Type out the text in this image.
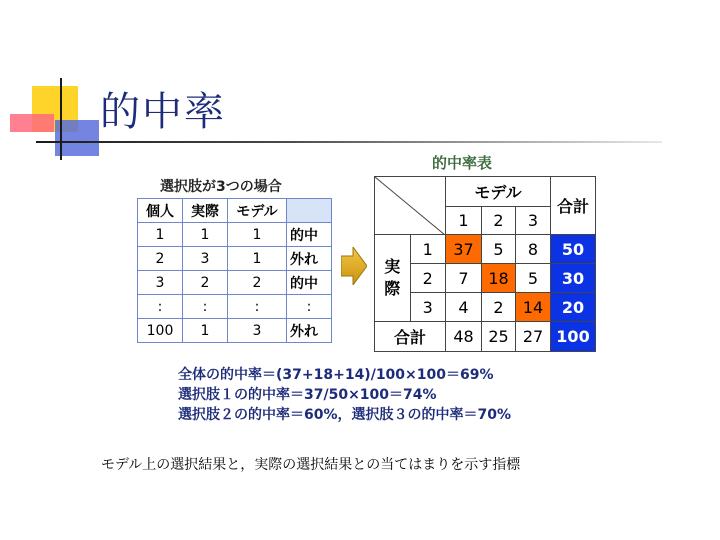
的中率
選択肢が3つの場合
個人	実際	モデル	
1	1	1	的中
2	3	1	外れ
3	2	2	的中
:	:	:	:
100	1	3	外れ
的中率表
	モデル			合計
		1	2	3	
実
際	1	37	5	8	50
	2	7	18	5	30
	3	4	2	14	20
合計		48	25	27	100
全体の的中率＝(37+18+14)/100×100＝69%
選択肢１の的中率＝37/50×100＝74%
選択肢２の的中率＝60%，選択肢３の的中率＝70%
モデル上の選択結果と，実際の選択結果との当てはまりを示す指標
